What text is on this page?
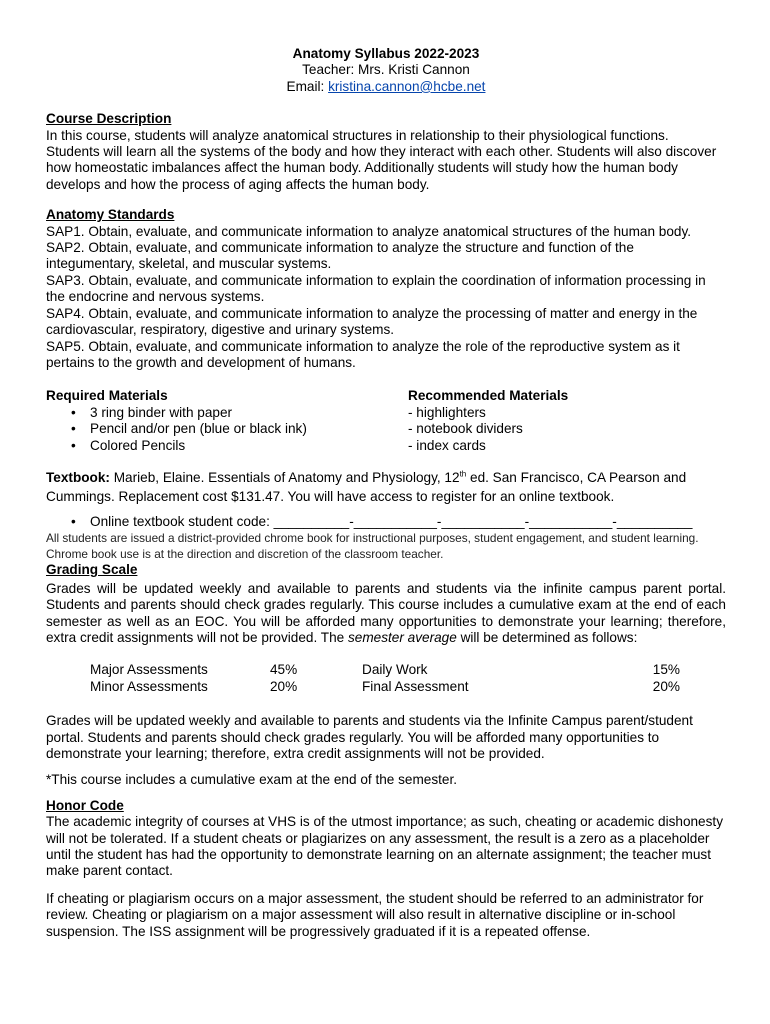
Anatomy Syllabus 2022-2023

Teacher: Mrs. Kristi Cannon

Email: kristina.cannon@hcbe.net

Course Description

In this course, students will analyze anatomical structures in relationship to their physiological functions. Students will learn all the systems of the body and how they interact with each other. Students will also discover how homeostatic imbalances affect the human body. Additionally students will study how the human body develops and how the process of aging affects the human body.

Anatomy Standards

SAP1. Obtain, evaluate, and communicate information to analyze anatomical structures of the human body.

SAP2. Obtain, evaluate, and communicate information to analyze the structure and function of the integumentary, skeletal, and muscular systems.

SAP3. Obtain, evaluate, and communicate information to explain the coordination of information processing in the endocrine and nervous systems.

SAP4. Obtain, evaluate, and communicate information to analyze the processing of matter and energy in the cardiovascular, respiratory, digestive and urinary systems.

SAP5. Obtain, evaluate, and communicate information to analyze the role of the reproductive system as it pertains to the growth and development of humans.

Required Materials

• 3 ring binder with paper
• Pencil and/or pen (blue or black ink)
• Colored Pencils

Recommended Materials

- highlighters

- notebook dividers

- index cards

Textbook: Marieb, Elaine. Essentials of Anatomy and Physiology, 12th ed. San Francisco, CA Pearson and Cummings. Replacement cost $131.47. You will have access to register for an online textbook.

• Online textbook student code: __________-___________-___________-___________-__________

All students are issued a district-provided chrome book for instructional purposes, student engagement, and student learning. Chrome book use is at the direction and discretion of the classroom teacher.

Grading Scale

Grades will be updated weekly and available to parents and students via the infinite campus parent portal. Students and parents should check grades regularly. This course includes a cumulative exam at the end of each semester as well as an EOC. You will be afforded many opportunities to demonstrate your learning; therefore, extra credit assignments will not be provided. The semester average will be determined as follows:

Major Assessments	45%	Daily Work	15%
Minor Assessments	20%	Final Assessment	20%

Grades will be updated weekly and available to parents and students via the Infinite Campus parent/student portal. Students and parents should check grades regularly. You will be afforded many opportunities to demonstrate your learning; therefore, extra credit assignments will not be provided.

*This course includes a cumulative exam at the end of the semester.

Honor Code

The academic integrity of courses at VHS is of the utmost importance; as such, cheating or academic dishonesty will not be tolerated. If a student cheats or plagiarizes on any assessment, the result is a zero as a placeholder until the student has had the opportunity to demonstrate learning on an alternate assignment; the teacher must make parent contact.

If cheating or plagiarism occurs on a major assessment, the student should be referred to an administrator for review. Cheating or plagiarism on a major assessment will also result in alternative discipline or in-school suspension. The ISS assignment will be progressively graduated if it is a repeated offense.
